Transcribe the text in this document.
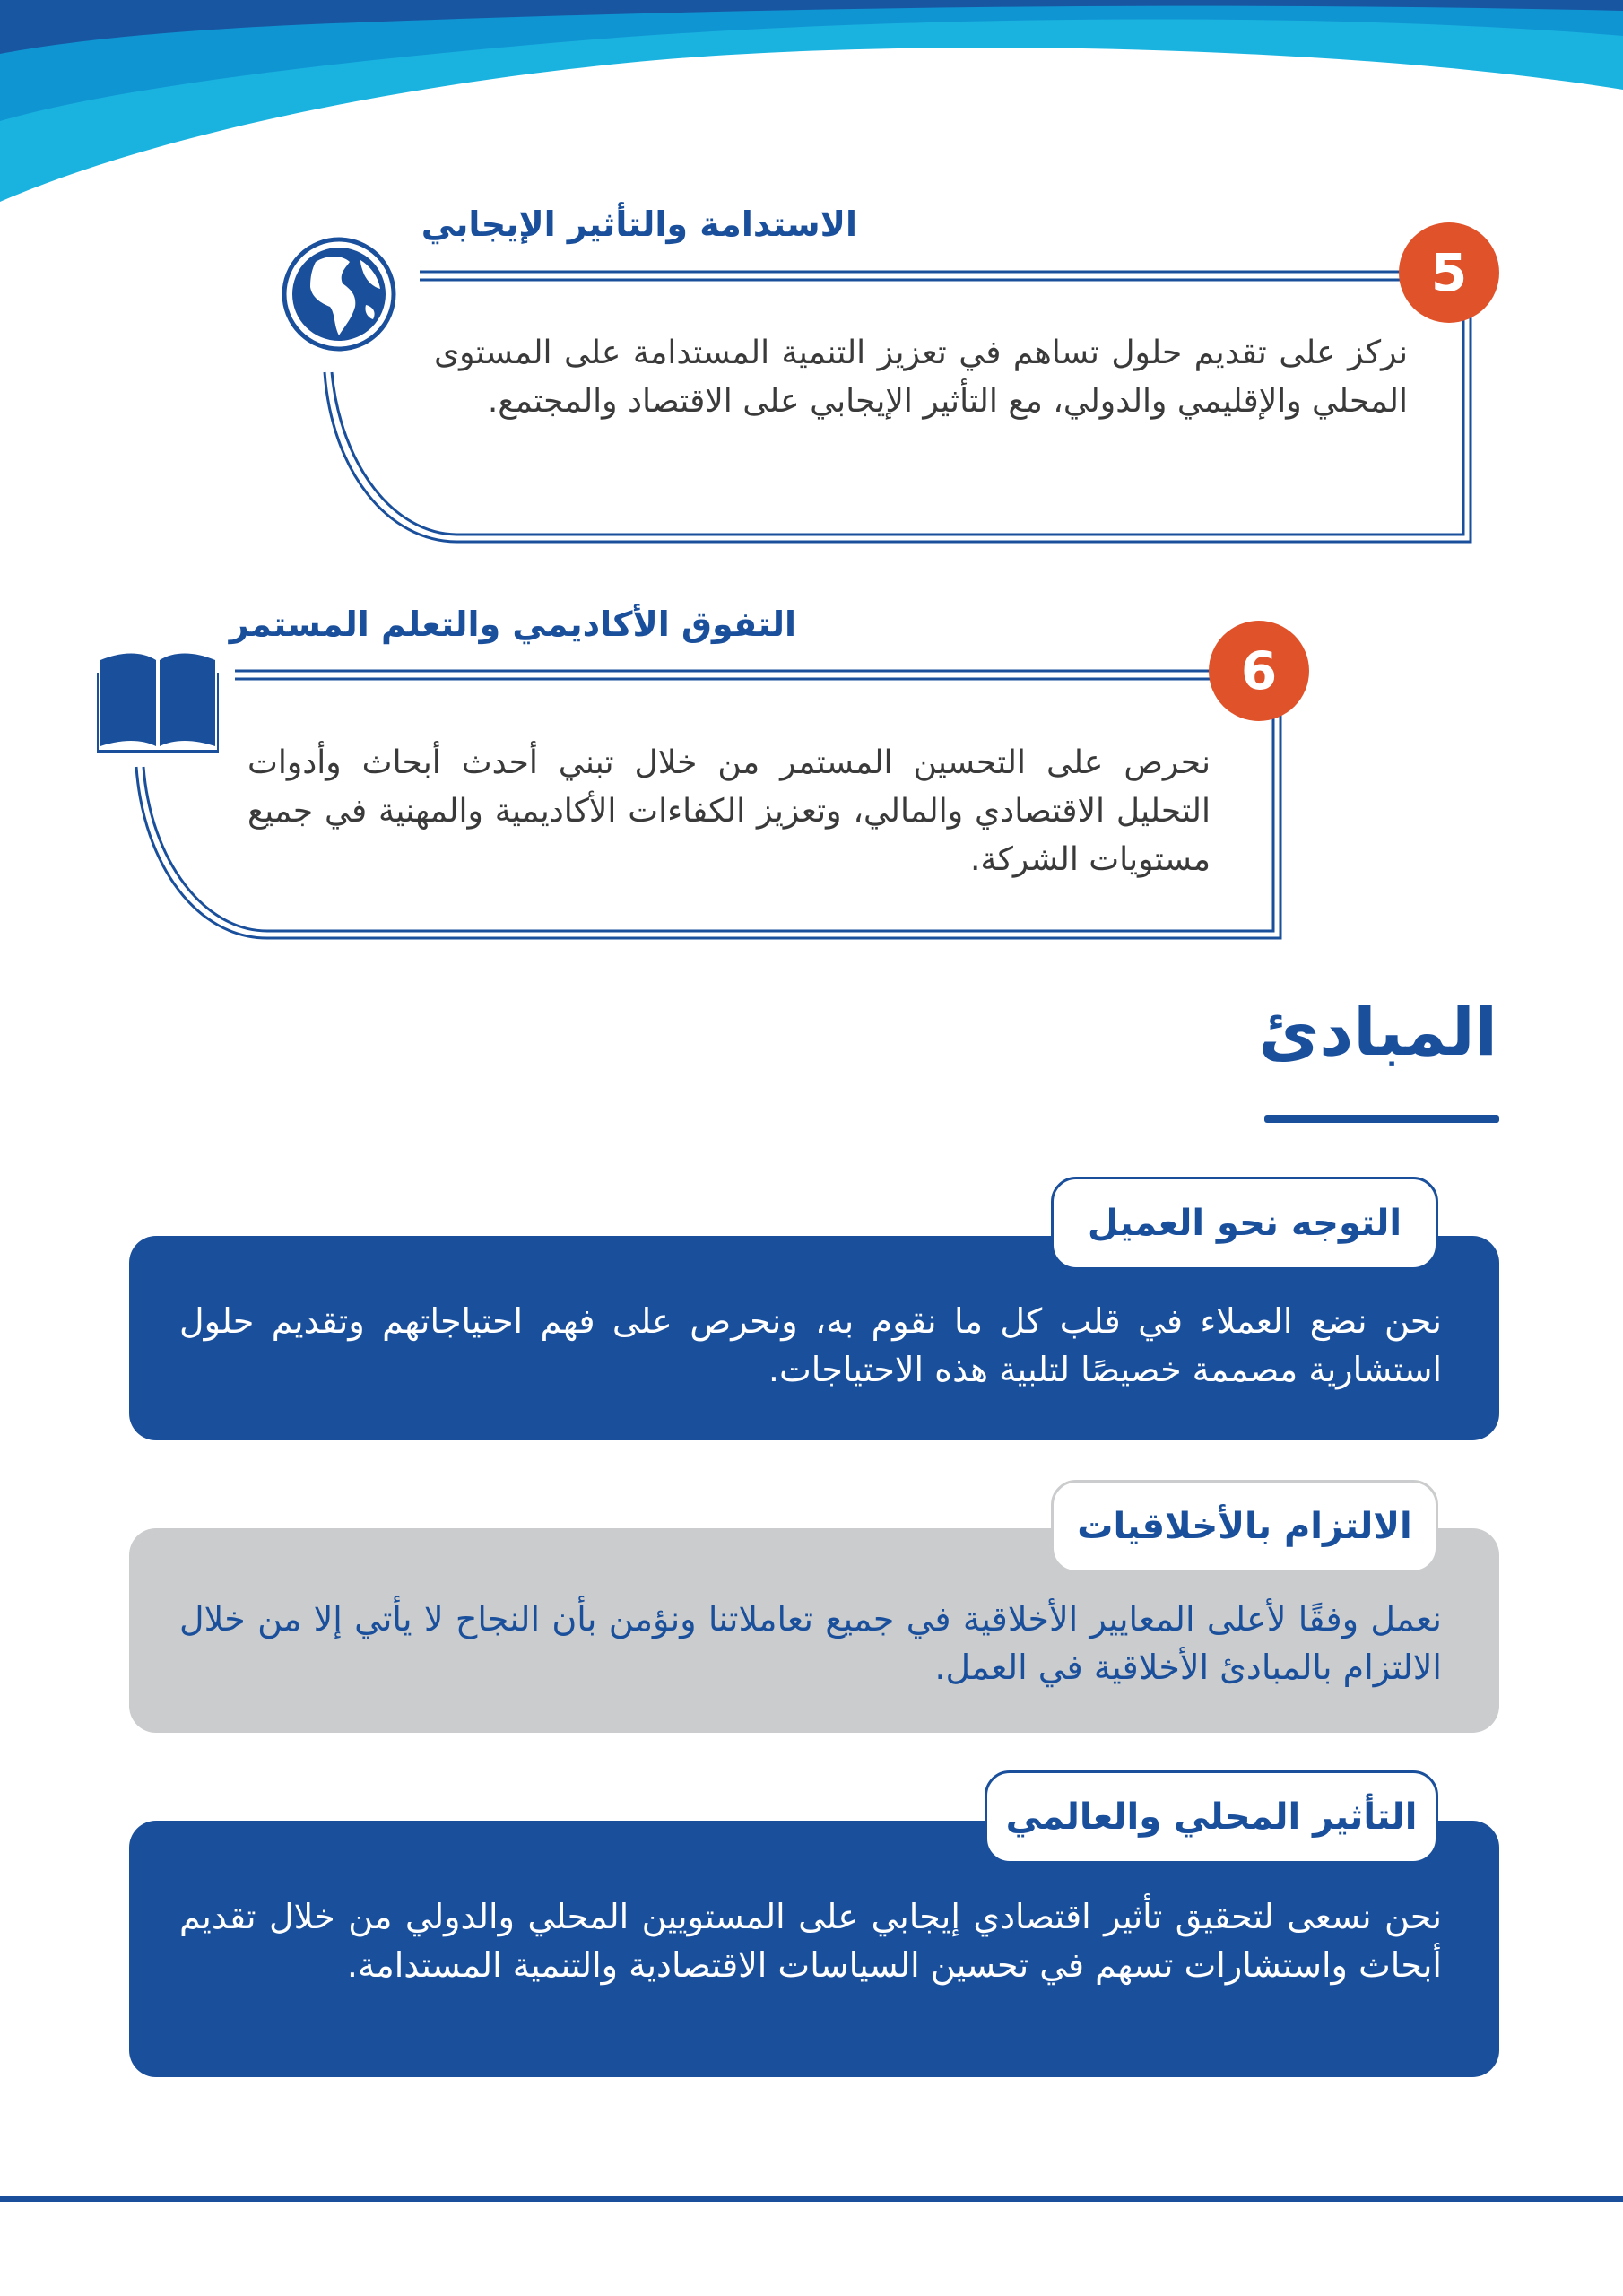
5
الاستدامة والتأثير الإيجابي
نركز على تقديم حلول تساهم في تعزيز التنمية المستدامة على المستوى المحلي والإقليمي والدولي، مع التأثير الإيجابي على الاقتصاد والمجتمع.
6
التفوق الأكاديمي والتعلم المستمر
نحرص على التحسين المستمر من خلال تبني أحدث أبحاث وأدوات التحليل الاقتصادي والمالي، وتعزيز الكفاءات الأكاديمية والمهنية في جميع مستويات الشركة.
المبادئ
التوجه نحو العميل
نحن نضع العملاء في قلب كل ما نقوم به، ونحرص على فهم احتياجاتهم وتقديم حلول استشارية مصممة خصيصًا لتلبية هذه الاحتياجات.
الالتزام بالأخلاقيات
نعمل وفقًا لأعلى المعايير الأخلاقية في جميع تعاملاتنا ونؤمن بأن النجاح لا يأتي إلا من خلال الالتزام بالمبادئ الأخلاقية في العمل.
التأثير المحلي والعالمي
نحن نسعى لتحقيق تأثير اقتصادي إيجابي على المستويين المحلي والدولي من خلال تقديم أبحاث واستشارات تسهم في تحسين السياسات الاقتصادية والتنمية المستدامة.
